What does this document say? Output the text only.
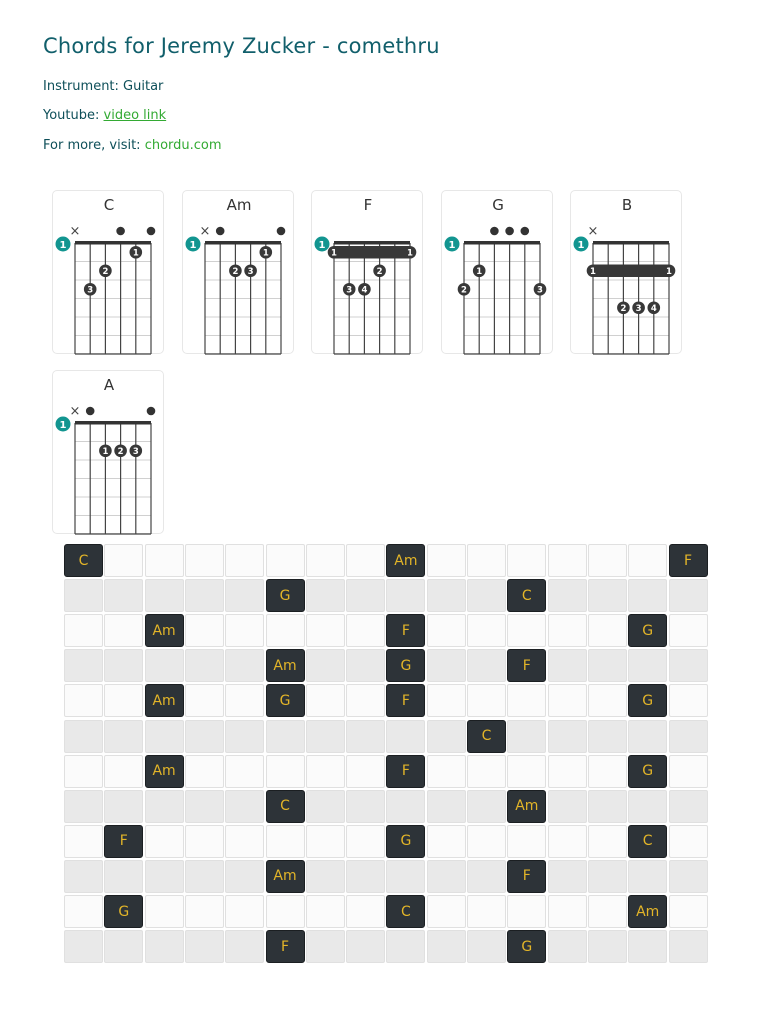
Chords for Jeremy Zucker - comethru
Instrument: Guitar
Youtube: video link
For more, visit: chordu.com
C
1
×
1
2
3
Am
1
×
1
2 3
F
1
1	1
2
3 4
G
1
1
2	3
B
1
×
1	1
2 3 4
A
1
×
1 2 3
C	Am	F
G	C
Am	F	G
Am	G	F
Am	G	F	G
C
Am	F	G
C	Am
F	G	C
Am	F
G	C	Am
F	G
